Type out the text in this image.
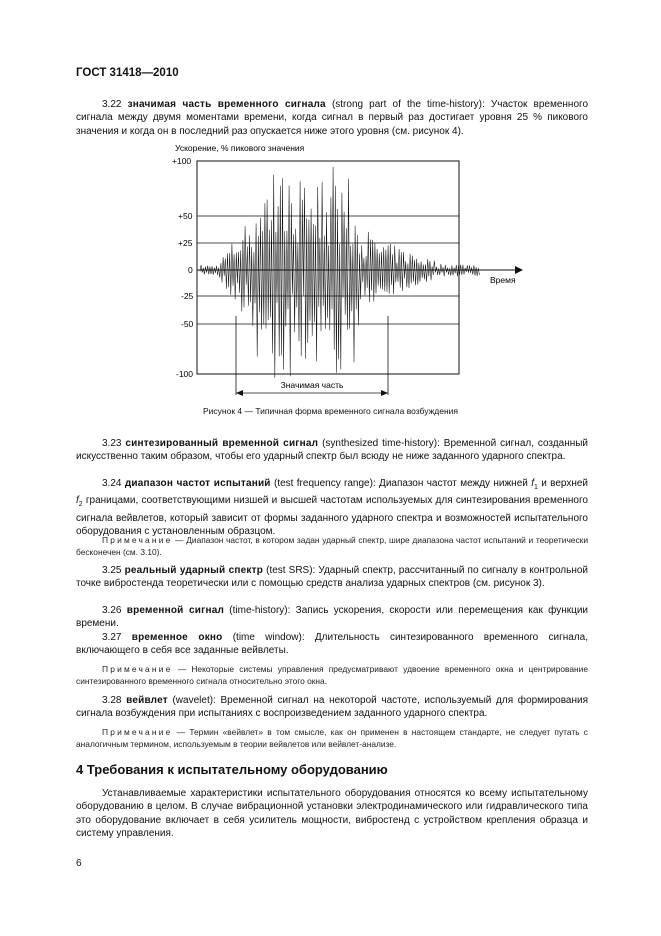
ГОСТ 31418—2010
3.22 значимая часть временного сигнала (strong part of the time-history): Участок временного сигнала между двумя моментами времени, когда сигнал в первый раз достигает уровня 25 % пикового значения и когда он в последний раз опускается ниже этого уровня (см. рисунок 4).
Ускорение, % пикового значения
+100
+50
+25
0
-25
-50
-100
Время
Значимая часть
Рисунок 4 — Типичная форма временного сигнала возбуждения
3.23 синтезированный временной сигнал (synthesized time-history): Временной сигнал, созданный искусственно таким образом, чтобы его ударный спектр был всюду не ниже заданного ударного спектра.
3.24 диапазон частот испытаний (test frequency range): Диапазон частот между нижней $f_1$ и верхней $f_2$ границами, соответствующими низшей и высшей частотам используемых для синтезирования временного сигнала вейвлетов, который зависит от формы заданного ударного спектра и возможностей испытательного оборудования с установленным образцом.
Примечание — Диапазон частот, в котором задан ударный спектр, шире диапазона частот испытаний и теоретически бесконечен (см. 3.10).
3.25 реальный ударный спектр (test SRS): Ударный спектр, рассчитанный по сигналу в контрольной точке вибростенда теоретически или с помощью средств анализа ударных спектров (см. рисунок 3).
3.26 временной сигнал (time-history): Запись ускорения, скорости или перемещения как функции времени.
3.27 временное окно (time window): Длительность синтезированного временного сигнала, включающего в себя все заданные вейвлеты.
Примечание — Некоторые системы управления предусматривают удвоение временного окна и центрирование синтезированного временного сигнала относительно этого окна.
3.28 вейвлет (wavelet): Временной сигнал на некоторой частоте, используемый для формирования сигнала возбуждения при испытаниях с воспроизведением заданного ударного спектра.
Примечание — Термин «вейвлет» в том смысле, как он применен в настоящем стандарте, не следует путать с аналогичным термином, используемым в теории вейвлетов или вейвлет-анализе.
4 Требования к испытательному оборудованию
Устанавливаемые характеристики испытательного оборудования относятся ко всему испытательному оборудованию в целом. В случае вибрационной установки электродинамического или гидравлического типа это оборудование включает в себя усилитель мощности, вибростенд с устройством крепления образца и систему управления.
6
